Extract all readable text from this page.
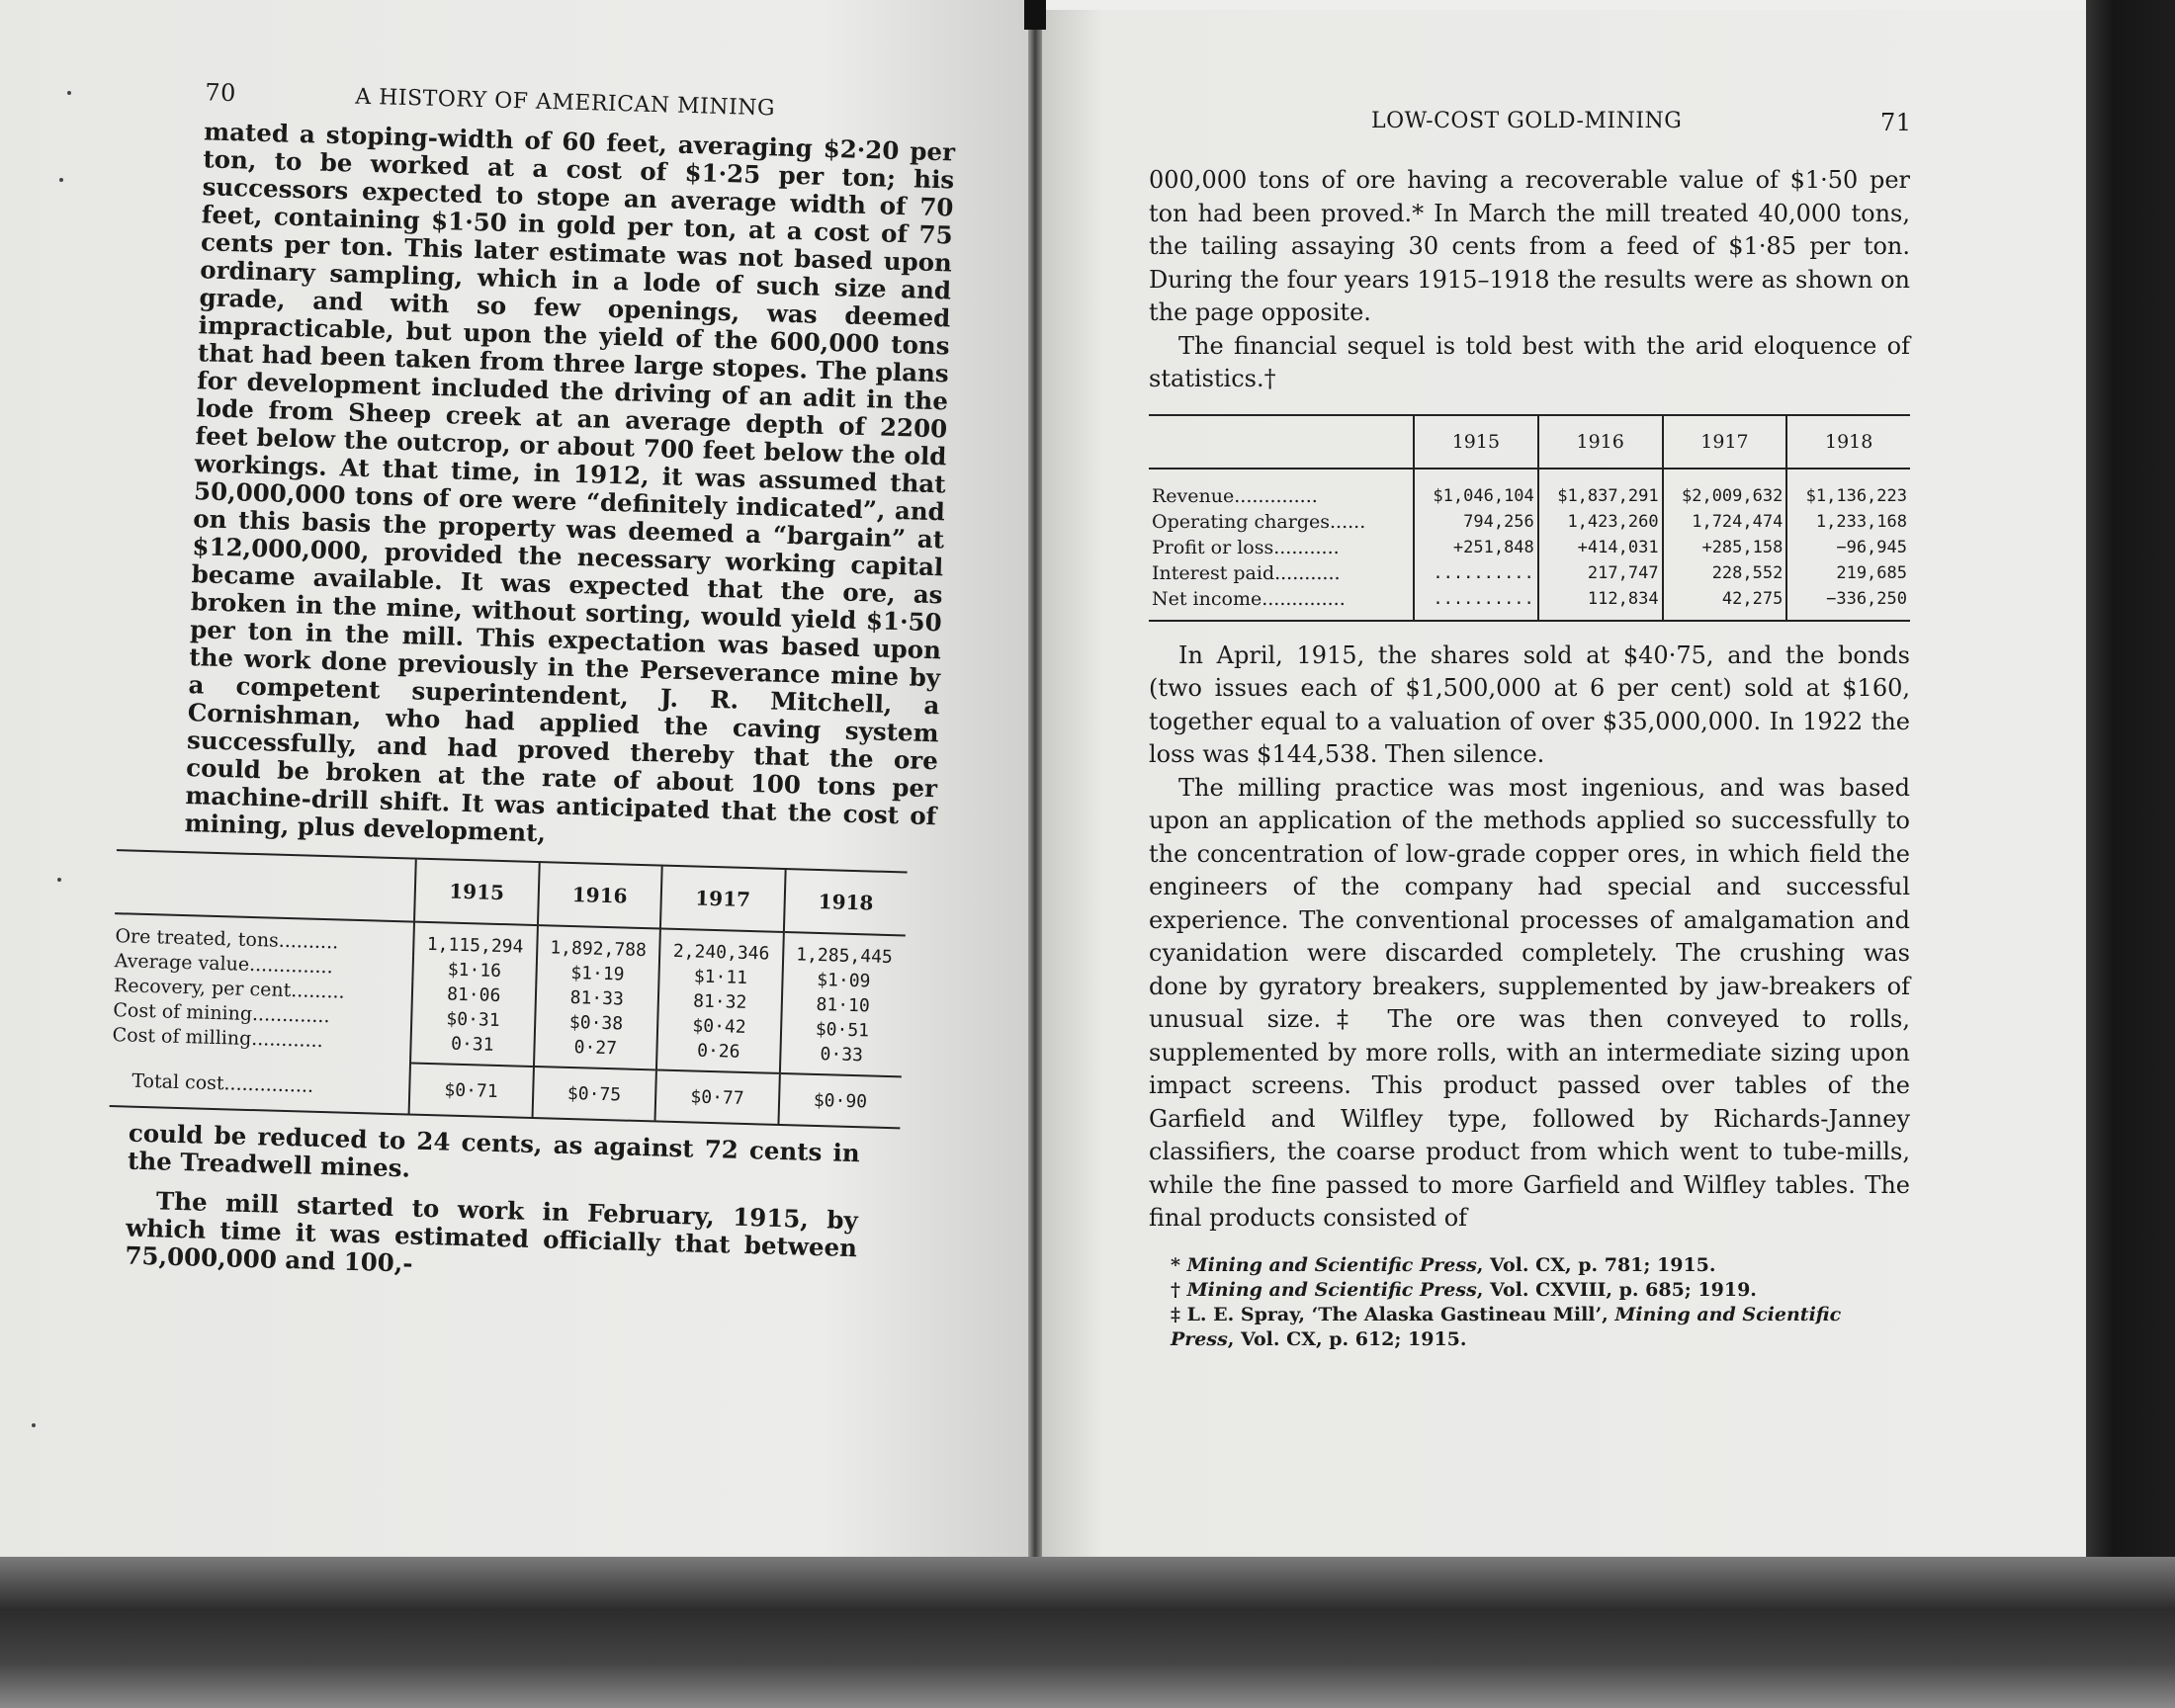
70	A HISTORY OF AMERICAN MINING

mated a stoping-width of 60 feet, averaging $2·20 per ton, to be worked at a cost of $1·25 per ton; his successors expected to stope an average width of 70 feet, containing $1·50 in gold per ton, at a cost of 75 cents per ton. This later estimate was not based upon ordinary sampling, which in a lode of such size and grade, and with so few openings, was deemed impracticable, but upon the yield of the 600,000 tons that had been taken from three large stopes. The plans for development included the driving of an adit in the lode from Sheep creek at an average depth of 2200 feet below the outcrop, or about 700 feet below the old workings. At that time, in 1912, it was assumed that 50,000,000 tons of ore were “definitely indicated”, and on this basis the property was deemed a “bargain” at $12,000,000, provided the necessary working capital became available. It was expected that the ore, as broken in the mine, without sorting, would yield $1·50 per ton in the mill. This expectation was based upon the work done previously in the Perseverance mine by a competent superintendent, J. R. Mitchell, a Cornishman, who had applied the caving system successfully, and had proved thereby that the ore could be broken at the rate of about 100 tons per machine-drill shift. It was anticipated that the cost of mining, plus development,

	1915	1916	1917	1918
Ore treated, tons..........	1,115,294	1,892,788	2,240,346	1,285,445
Average value..............	$1·16	$1·19	$1·11	$1·09
Recovery, per cent.........	81·06	81·33	81·32	81·10
Cost of mining.............	$0·31	$0·38	$0·42	$0·51
Cost of milling............	0·31	0·27	0·26	0·33
Total cost...............	$0·71	$0·75	$0·77	$0·90

could be reduced to 24 cents, as against 72 cents in the Treadwell mines.

The mill started to work in February, 1915, by which time it was estimated officially that between 75,000,000 and 100,-

LOW-COST GOLD-MINING	71

000,000 tons of ore having a recoverable value of $1·50 per ton had been proved.* In March the mill treated 40,000 tons, the tailing assaying 30 cents from a feed of $1·85 per ton. During the four years 1915–1918 the results were as shown on the page opposite.

The financial sequel is told best with the arid eloquence of statistics.†

	1915	1916	1917	1918
Revenue..............	$1,046,104	$1,837,291	$2,009,632	$1,136,223
Operating charges......	794,256	1,423,260	1,724,474	1,233,168
Profit or loss...........	+251,848	+414,031	+285,158	−96,945
Interest paid...........	..........	217,747	228,552	219,685
Net income..............	..........	112,834	42,275	−336,250

In April, 1915, the shares sold at $40·75, and the bonds (two issues each of $1,500,000 at 6 per cent) sold at $160, together equal to a valuation of over $35,000,000. In 1922 the loss was $144,538. Then silence.

The milling practice was most ingenious, and was based upon an application of the methods applied so successfully to the concentration of low-grade copper ores, in which field the engineers of the company had special and successful experience. The conventional processes of amalgamation and cyanidation were discarded completely. The crushing was done by gyratory breakers, supplemented by jaw-breakers of unusual size.‡ The ore was then conveyed to rolls, supplemented by more rolls, with an intermediate sizing upon impact screens. This product passed over tables of the Garfield and Wilfley type, followed by Richards-Janney classifiers, the coarse product from which went to tube-mills, while the fine passed to more Garfield and Wilfley tables. The final products consisted of

* Mining and Scientific Press, Vol. CX, p. 781; 1915.

† Mining and Scientific Press, Vol. CXVIII, p. 685; 1919.

‡ L. E. Spray, ‘The Alaska Gastineau Mill’, Mining and Scientific Press, Vol. CX, p. 612; 1915.
